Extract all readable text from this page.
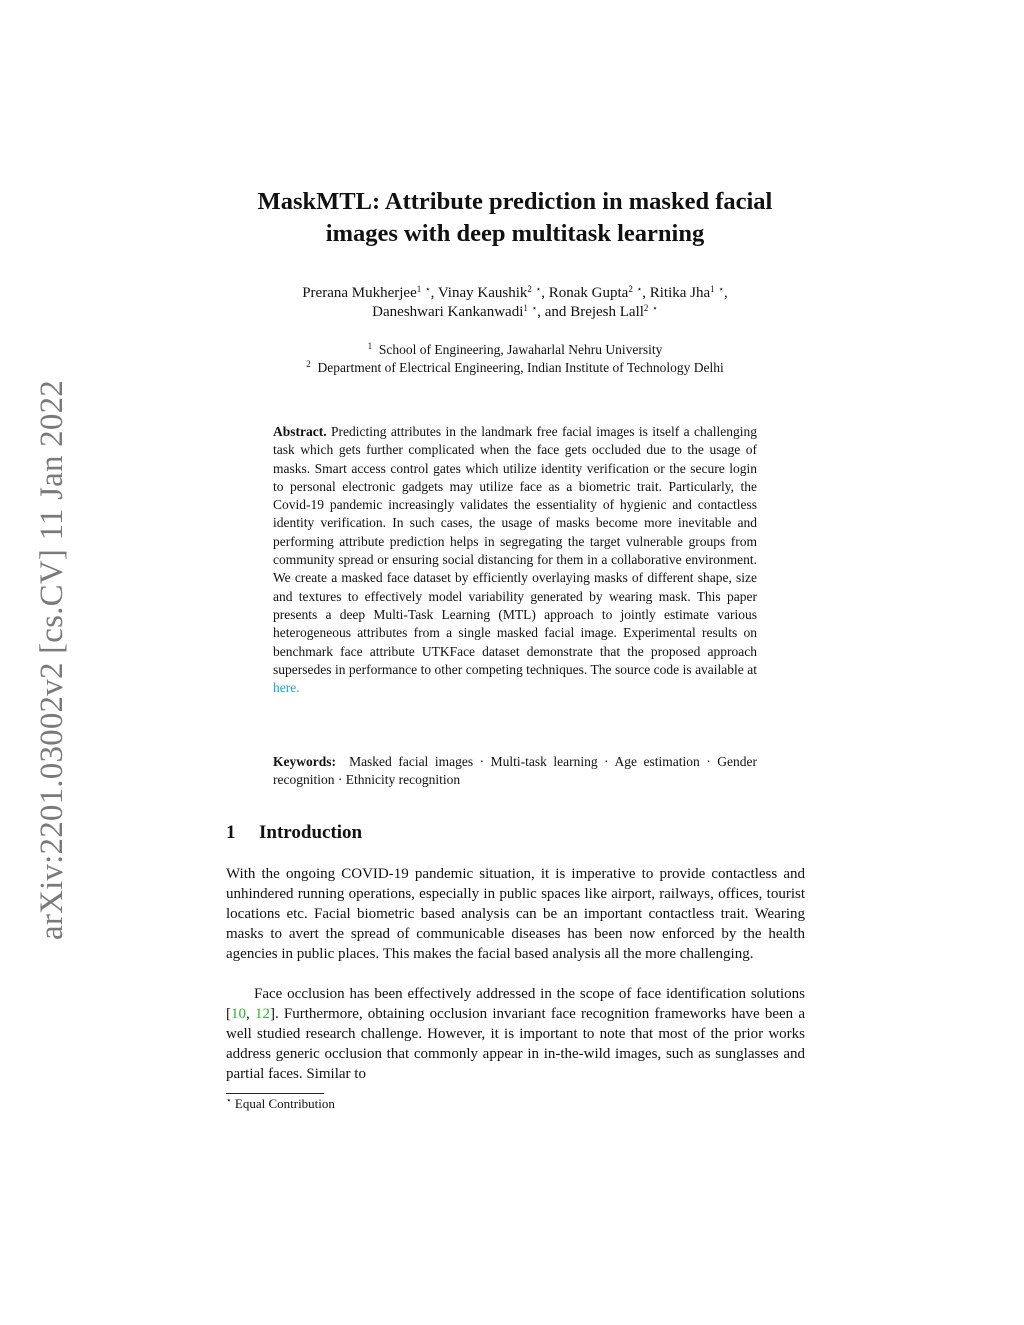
arXiv:2201.03002v2 [cs.CV] 11 Jan 2022
MaskMTL: Attribute prediction in masked facial
images with deep multitask learning
Prerana Mukherjee$^1$ ⋆, Vinay Kaushik$^2$ ⋆, Ronak Gupta$^2$ ⋆, Ritika Jha$^1$ ⋆,
Daneshwari Kankanwadi$^1$ ⋆, and Brejesh Lall$^2$ ⋆
$^1$ School of Engineering, Jawaharlal Nehru University
$^2$ Department of Electrical Engineering, Indian Institute of Technology Delhi
Abstract. Predicting attributes in the landmark free facial images is itself a challenging task which gets further complicated when the face gets occluded due to the usage of masks. Smart access control gates which utilize identity verification or the secure login to personal electronic gadgets may utilize face as a biometric trait. Particularly, the Covid-19 pandemic increasingly validates the essentiality of hygienic and contactless identity verification. In such cases, the usage of masks become more inevitable and performing attribute prediction helps in segregating the target vulnerable groups from community spread or ensuring social distancing for them in a collaborative environment. We create a masked face dataset by efficiently overlaying masks of different shape, size and textures to effectively model variability generated by wearing mask. This paper presents a deep Multi-Task Learning (MTL) approach to jointly estimate various heterogeneous attributes from a single masked facial image. Experimental results on benchmark face attribute UTKFace dataset demonstrate that the proposed approach supersedes in performance to other competing techniques. The source code is available at here.
Keywords: Masked facial images · Multi-task learning · Age estimation · Gender recognition · Ethnicity recognition
1 Introduction
With the ongoing COVID-19 pandemic situation, it is imperative to provide contactless and unhindered running operations, especially in public spaces like airport, railways, offices, tourist locations etc. Facial biometric based analysis can be an important contactless trait. Wearing masks to avert the spread of communicable diseases has been now enforced by the health agencies in public places. This makes the facial based analysis all the more challenging.
Face occlusion has been effectively addressed in the scope of face identification solutions [10, 12]. Furthermore, obtaining occlusion invariant face recognition frameworks have been a well studied research challenge. However, it is important to note that most of the prior works address generic occlusion that commonly appear in in-the-wild images, such as sunglasses and partial faces. Similar to
⋆ Equal Contribution
